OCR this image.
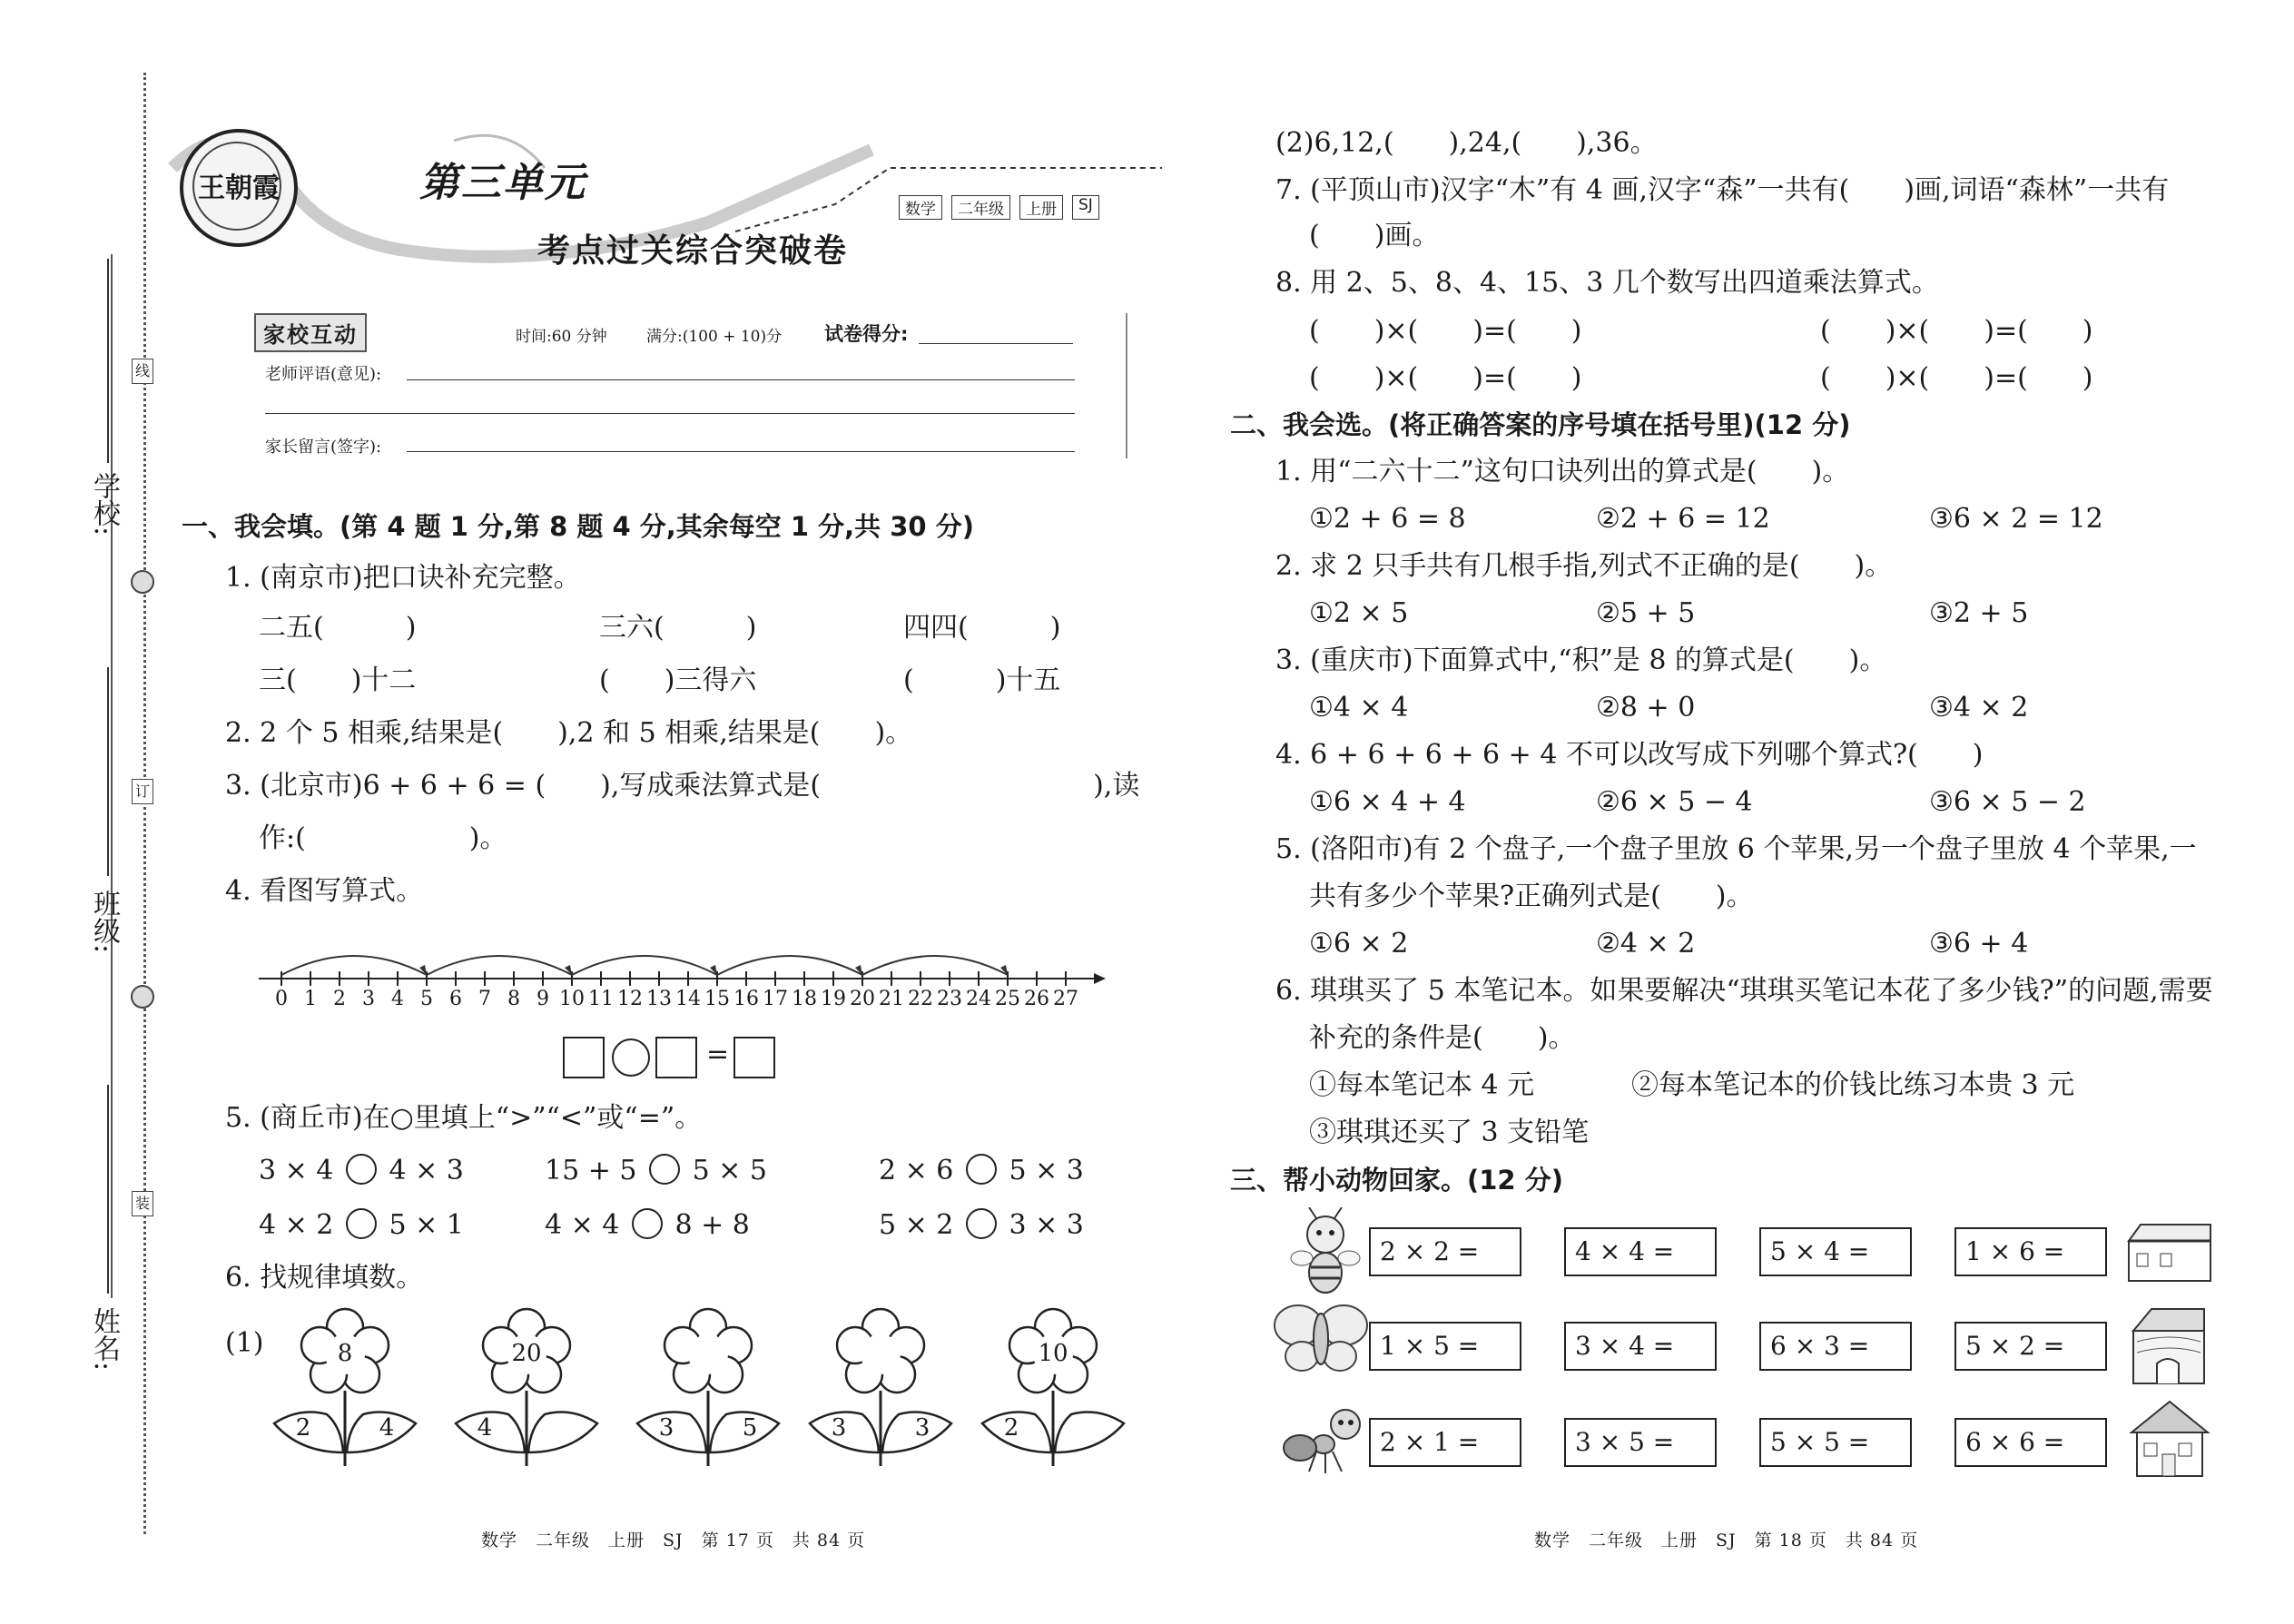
学校:
线
班级:
订
姓名:
装
王朝霞	第三单元
考点过关综合突破卷
数学	二年级	上册	SJ
家校互动	时间:60 分钟	满分:(100 + 10)分 试卷得分:
老师评语(意见):
家长留言(签字):
一、我会填。(第 4 题 1 分,第 8 题 4 分,其余每空 1 分,共 30 分)
1. (南京市)把口诀补充完整。
二五(　　　)	三六(　　　)	四四(　　　)
三(　　)十二	(　　)三得六	(　　　)十五
2. 2 个 5 相乘,结果是(　　),2 和 5 相乘,结果是(　　)。
3. (北京市)6 + 6 + 6 = (　　),写成乘法算式是(　　　　　　　　　　),读
作:(　　　　　　)。
4. 看图写算式。
0 1 2 3 4 5 6 7 8 9 10 11 12 13 14 15 16 17 18 19 20 21 22 23 24 25 26 27
=
5. (商丘市)在○里填上“>”“<”或“=”。
3 × 4 4 × 3	15 + 5 5 × 5	2 × 6 5 × 3
4 × 2 5 × 1	4 × 4 8 + 8	5 × 2 3 × 3
6. 找规律填数。
(1)	8
2	4
20
4	3	5	3	3
10
2
(2)6,12,(　　),24,(　　),36。
7. (平顶山市)汉字“木”有 4 画,汉字“森”一共有(　　)画,词语“森林”一共有
(　　)画。
8. 用 2、5、8、4、15、3 几个数写出四道乘法算式。
(　　)×(　　)=(　　)	(　　)×(　　)=(　　)
(　　)×(　　)=(　　)	(　　)×(　　)=(　　)
二、我会选。(将正确答案的序号填在括号里)(12 分)
1. 用“二六十二”这句口诀列出的算式是(　　)。
①2 + 6 = 8	②2 + 6 = 12	③6 × 2 = 12
2. 求 2 只手共有几根手指,列式不正确的是(　　)。
①2 × 5	②5 + 5	③2 + 5
3. (重庆市)下面算式中,“积”是 8 的算式是(　　)。
①4 × 4	②8 + 0	③4 × 2
4. 6 + 6 + 6 + 6 + 4 不可以改写成下列哪个算式?(　　)
①6 × 4 + 4	②6 × 5 − 4	③6 × 5 − 2
5. (洛阳市)有 2 个盘子,一个盘子里放 6 个苹果,另一个盘子里放 4 个苹果,一
共有多少个苹果?正确列式是(　　)。
①6 × 2	②4 × 2	③6 + 4
6. 琪琪买了 5 本笔记本。如果要解决“琪琪买笔记本花了多少钱?”的问题,需要
补充的条件是(　　)。
①每本笔记本 4 元	②每本笔记本的价钱比练习本贵 3 元
③琪琪还买了 3 支铅笔
三、帮小动物回家。(12 分)
2 × 2 =	4 × 4 =	5 × 4 =	1 × 6 =
1 × 5 =	3 × 4 =	6 × 3 =	5 × 2 =
2 × 1 =	3 × 5 =	5 × 5 =	6 × 6 =
数学　二年级　上册　SJ　第 17 页　共 84 页	数学　二年级　上册　SJ　第 18 页　共 84 页
